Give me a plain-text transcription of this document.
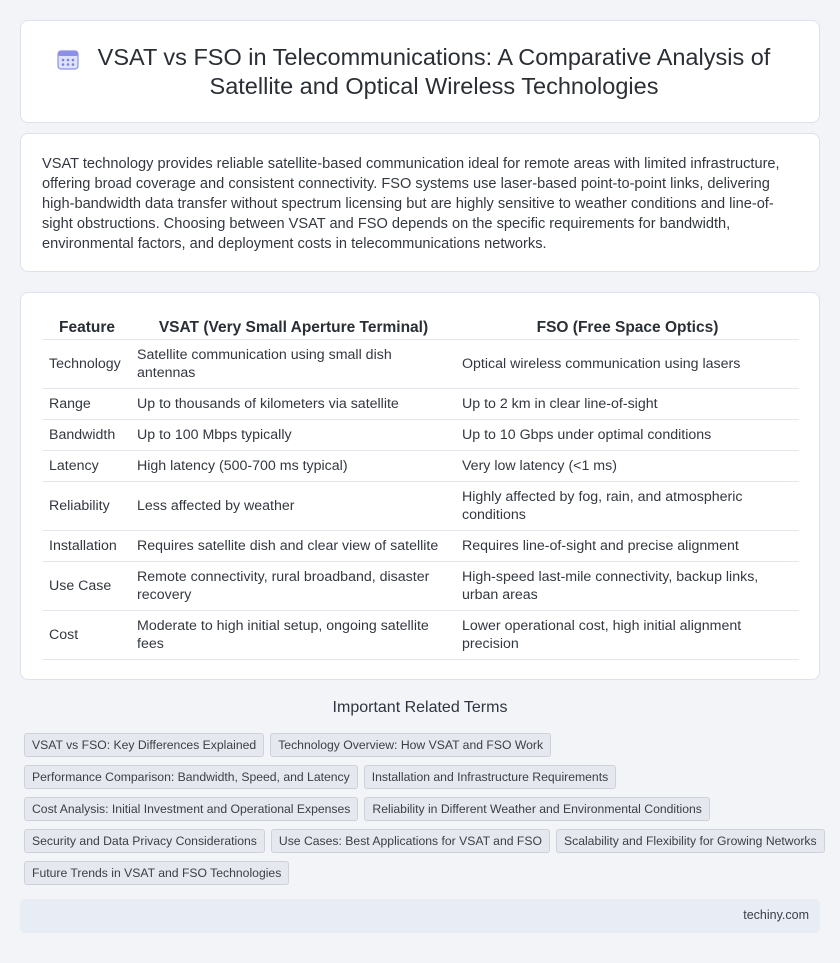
VSAT vs FSO in Telecommunications: A Comparative Analysis of
Satellite and Optical Wireless Technologies

VSAT technology provides reliable satellite-based communication ideal for remote areas with limited infrastructure, offering broad coverage and consistent connectivity. FSO systems use laser-based point-to-point links, delivering high-bandwidth data transfer without spectrum licensing but are highly sensitive to weather conditions and line-of-sight obstructions. Choosing between VSAT and FSO depends on the specific requirements for bandwidth, environmental factors, and deployment costs in telecommunications networks.

Feature	VSAT (Very Small Aperture Terminal)	FSO (Free Space Optics)
Technology	Satellite communication using small dish antennas	Optical wireless communication using lasers
Range	Up to thousands of kilometers via satellite	Up to 2 km in clear line-of-sight
Bandwidth	Up to 100 Mbps typically	Up to 10 Gbps under optimal conditions
Latency	High latency (500-700 ms typical)	Very low latency (<1 ms)
Reliability	Less affected by weather	Highly affected by fog, rain, and atmospheric conditions
Installation	Requires satellite dish and clear view of satellite	Requires line-of-sight and precise alignment
Use Case	Remote connectivity, rural broadband, disaster recovery	High-speed last-mile connectivity, backup links, urban areas
Cost	Moderate to high initial setup, ongoing satellite fees	Lower operational cost, high initial alignment precision
Important Related Terms
VSAT vs FSO: Key Differences Explained	Technology Overview: How VSAT and FSO Work
Performance Comparison: Bandwidth, Speed, and Latency	Installation and Infrastructure Requirements
Cost Analysis: Initial Investment and Operational Expenses	Reliability in Different Weather and Environmental Conditions
Security and Data Privacy Considerations	Use Cases: Best Applications for VSAT and FSO	Scalability and Flexibility for Growing Networks
Future Trends in VSAT and FSO Technologies
techiny.com
